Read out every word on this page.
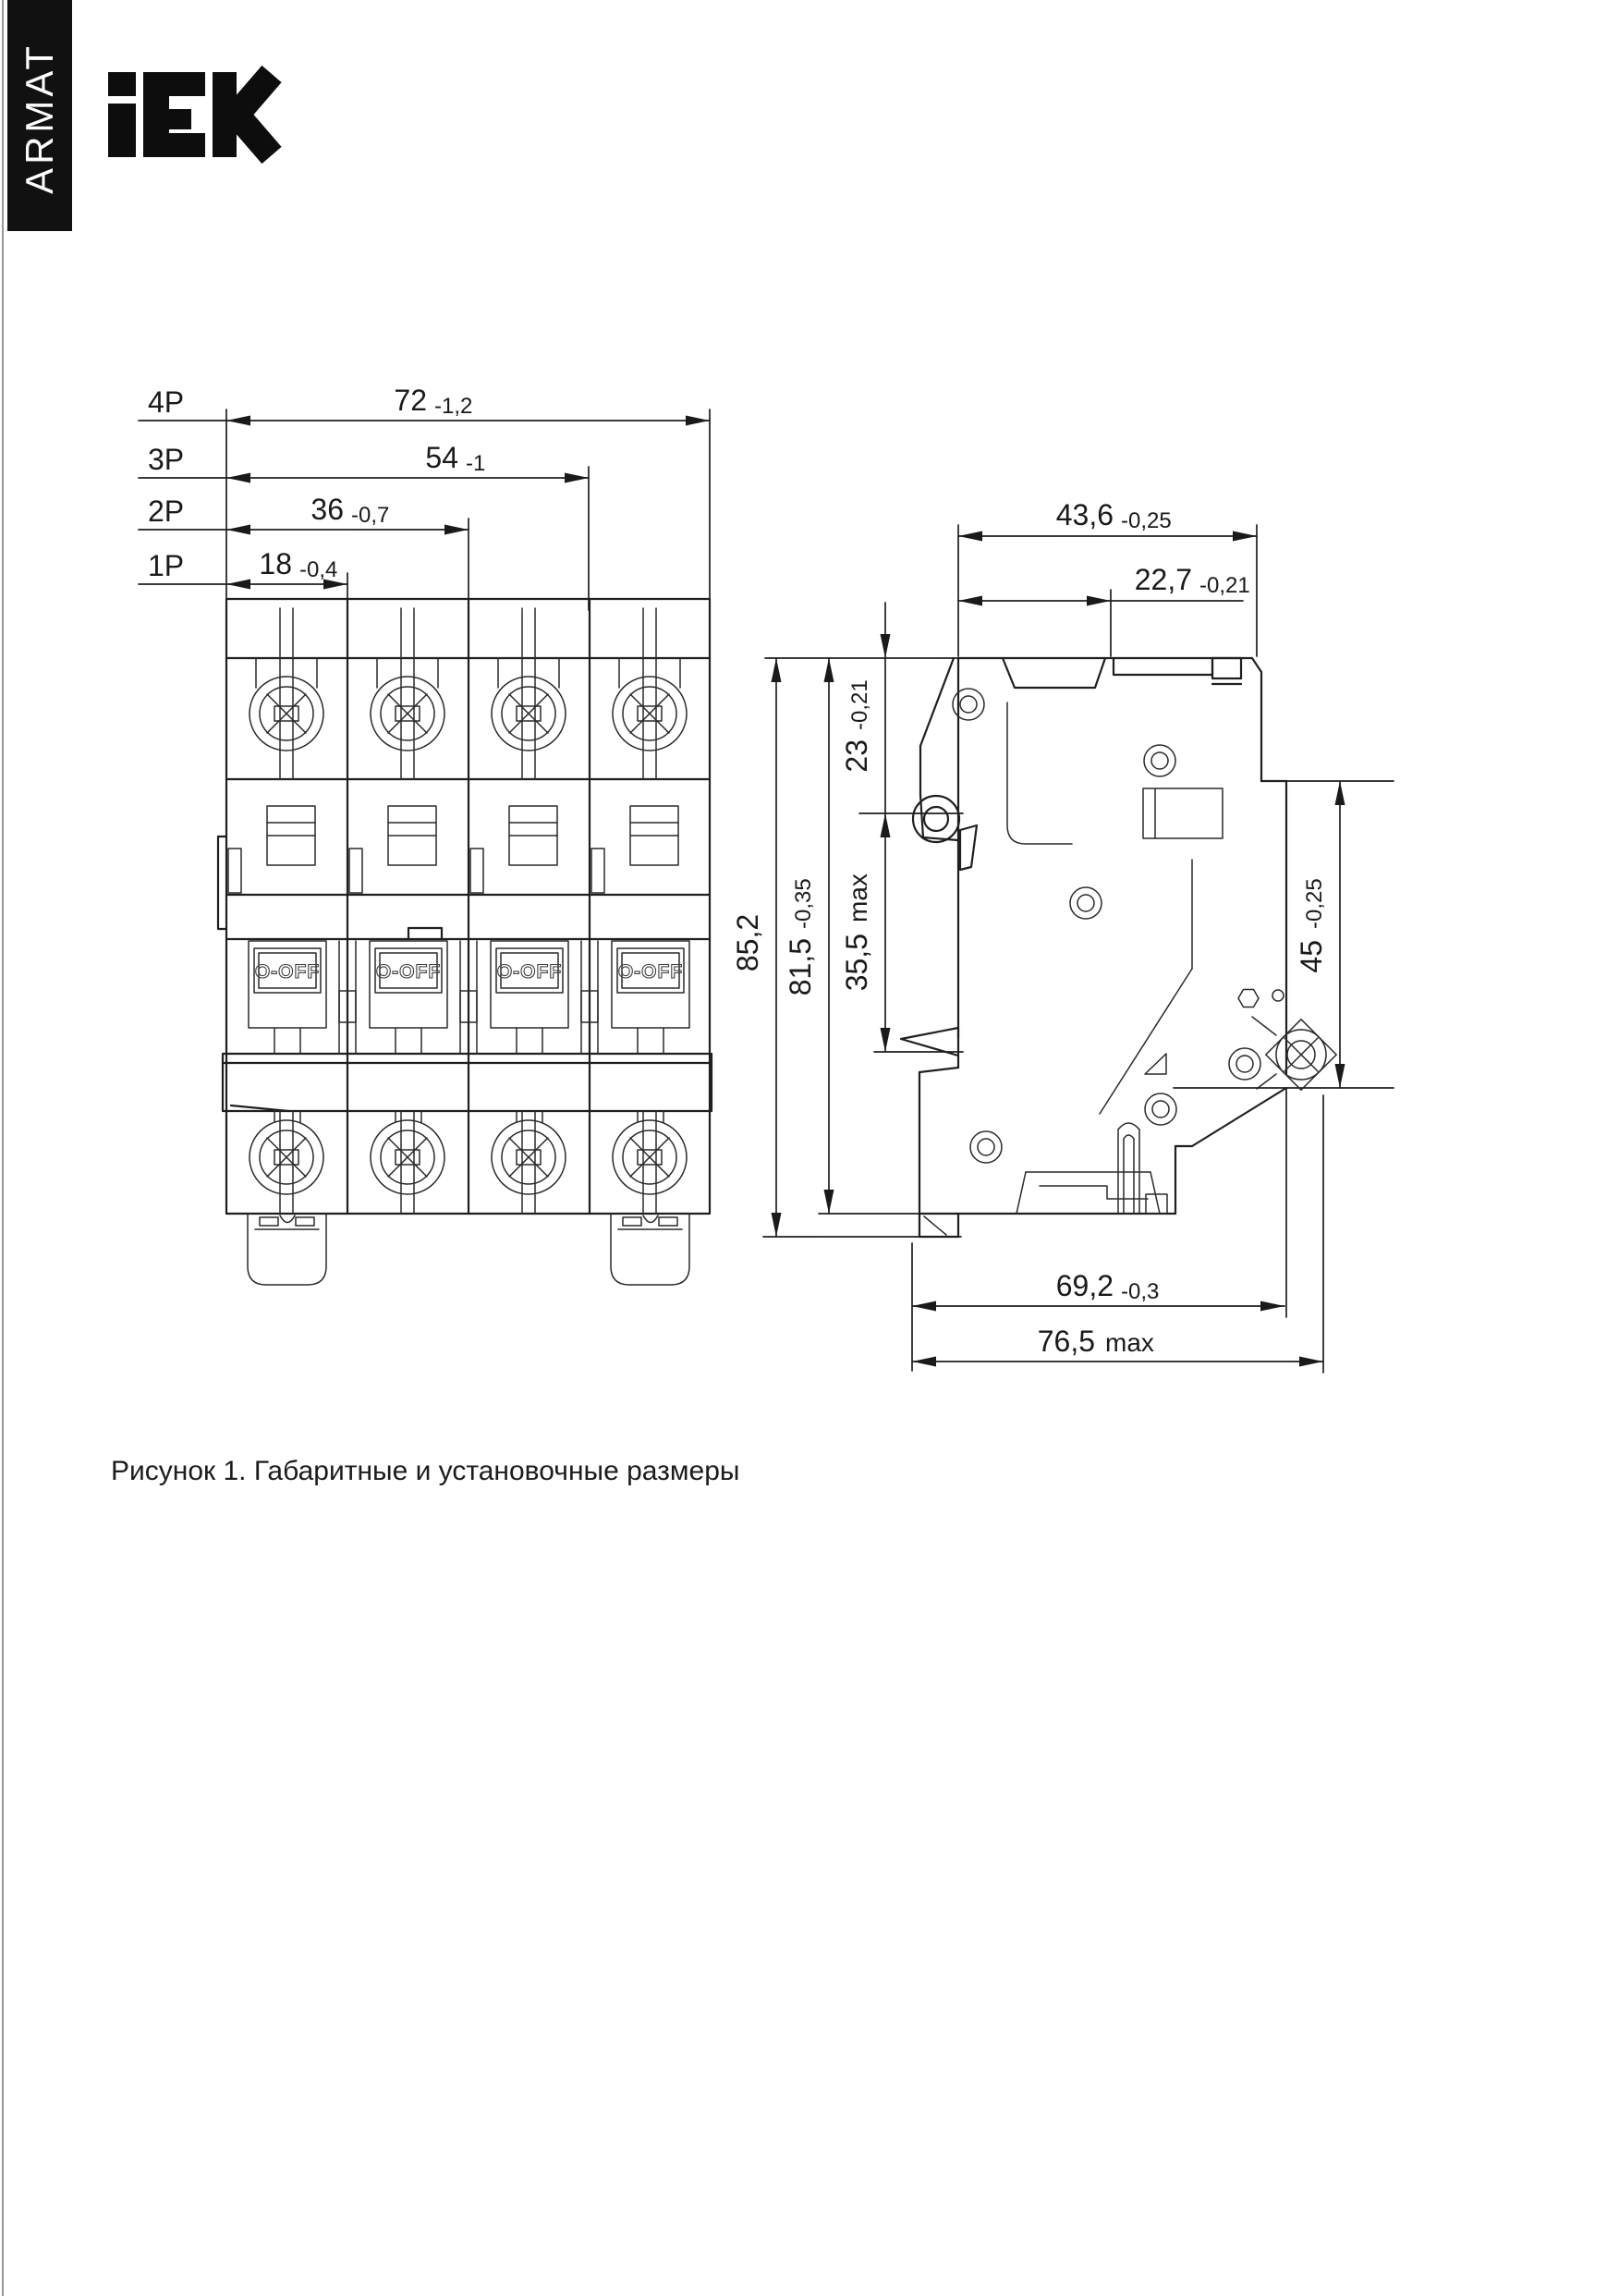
ARMAT
4P
3P
2P
1P
72 -1,2
54 -1
36 -0,7
18 -0,4
O-OFF	O-OFF	O-OFF	O-OFF
43,6 -0,25
22,7 -0,21
23
-0,21
35,5
max
81,5
-0,35
85,2	45
-0,25
69,2 -0,3
76,5 max
Рисунок 1. Габаритные и установочные размеры
